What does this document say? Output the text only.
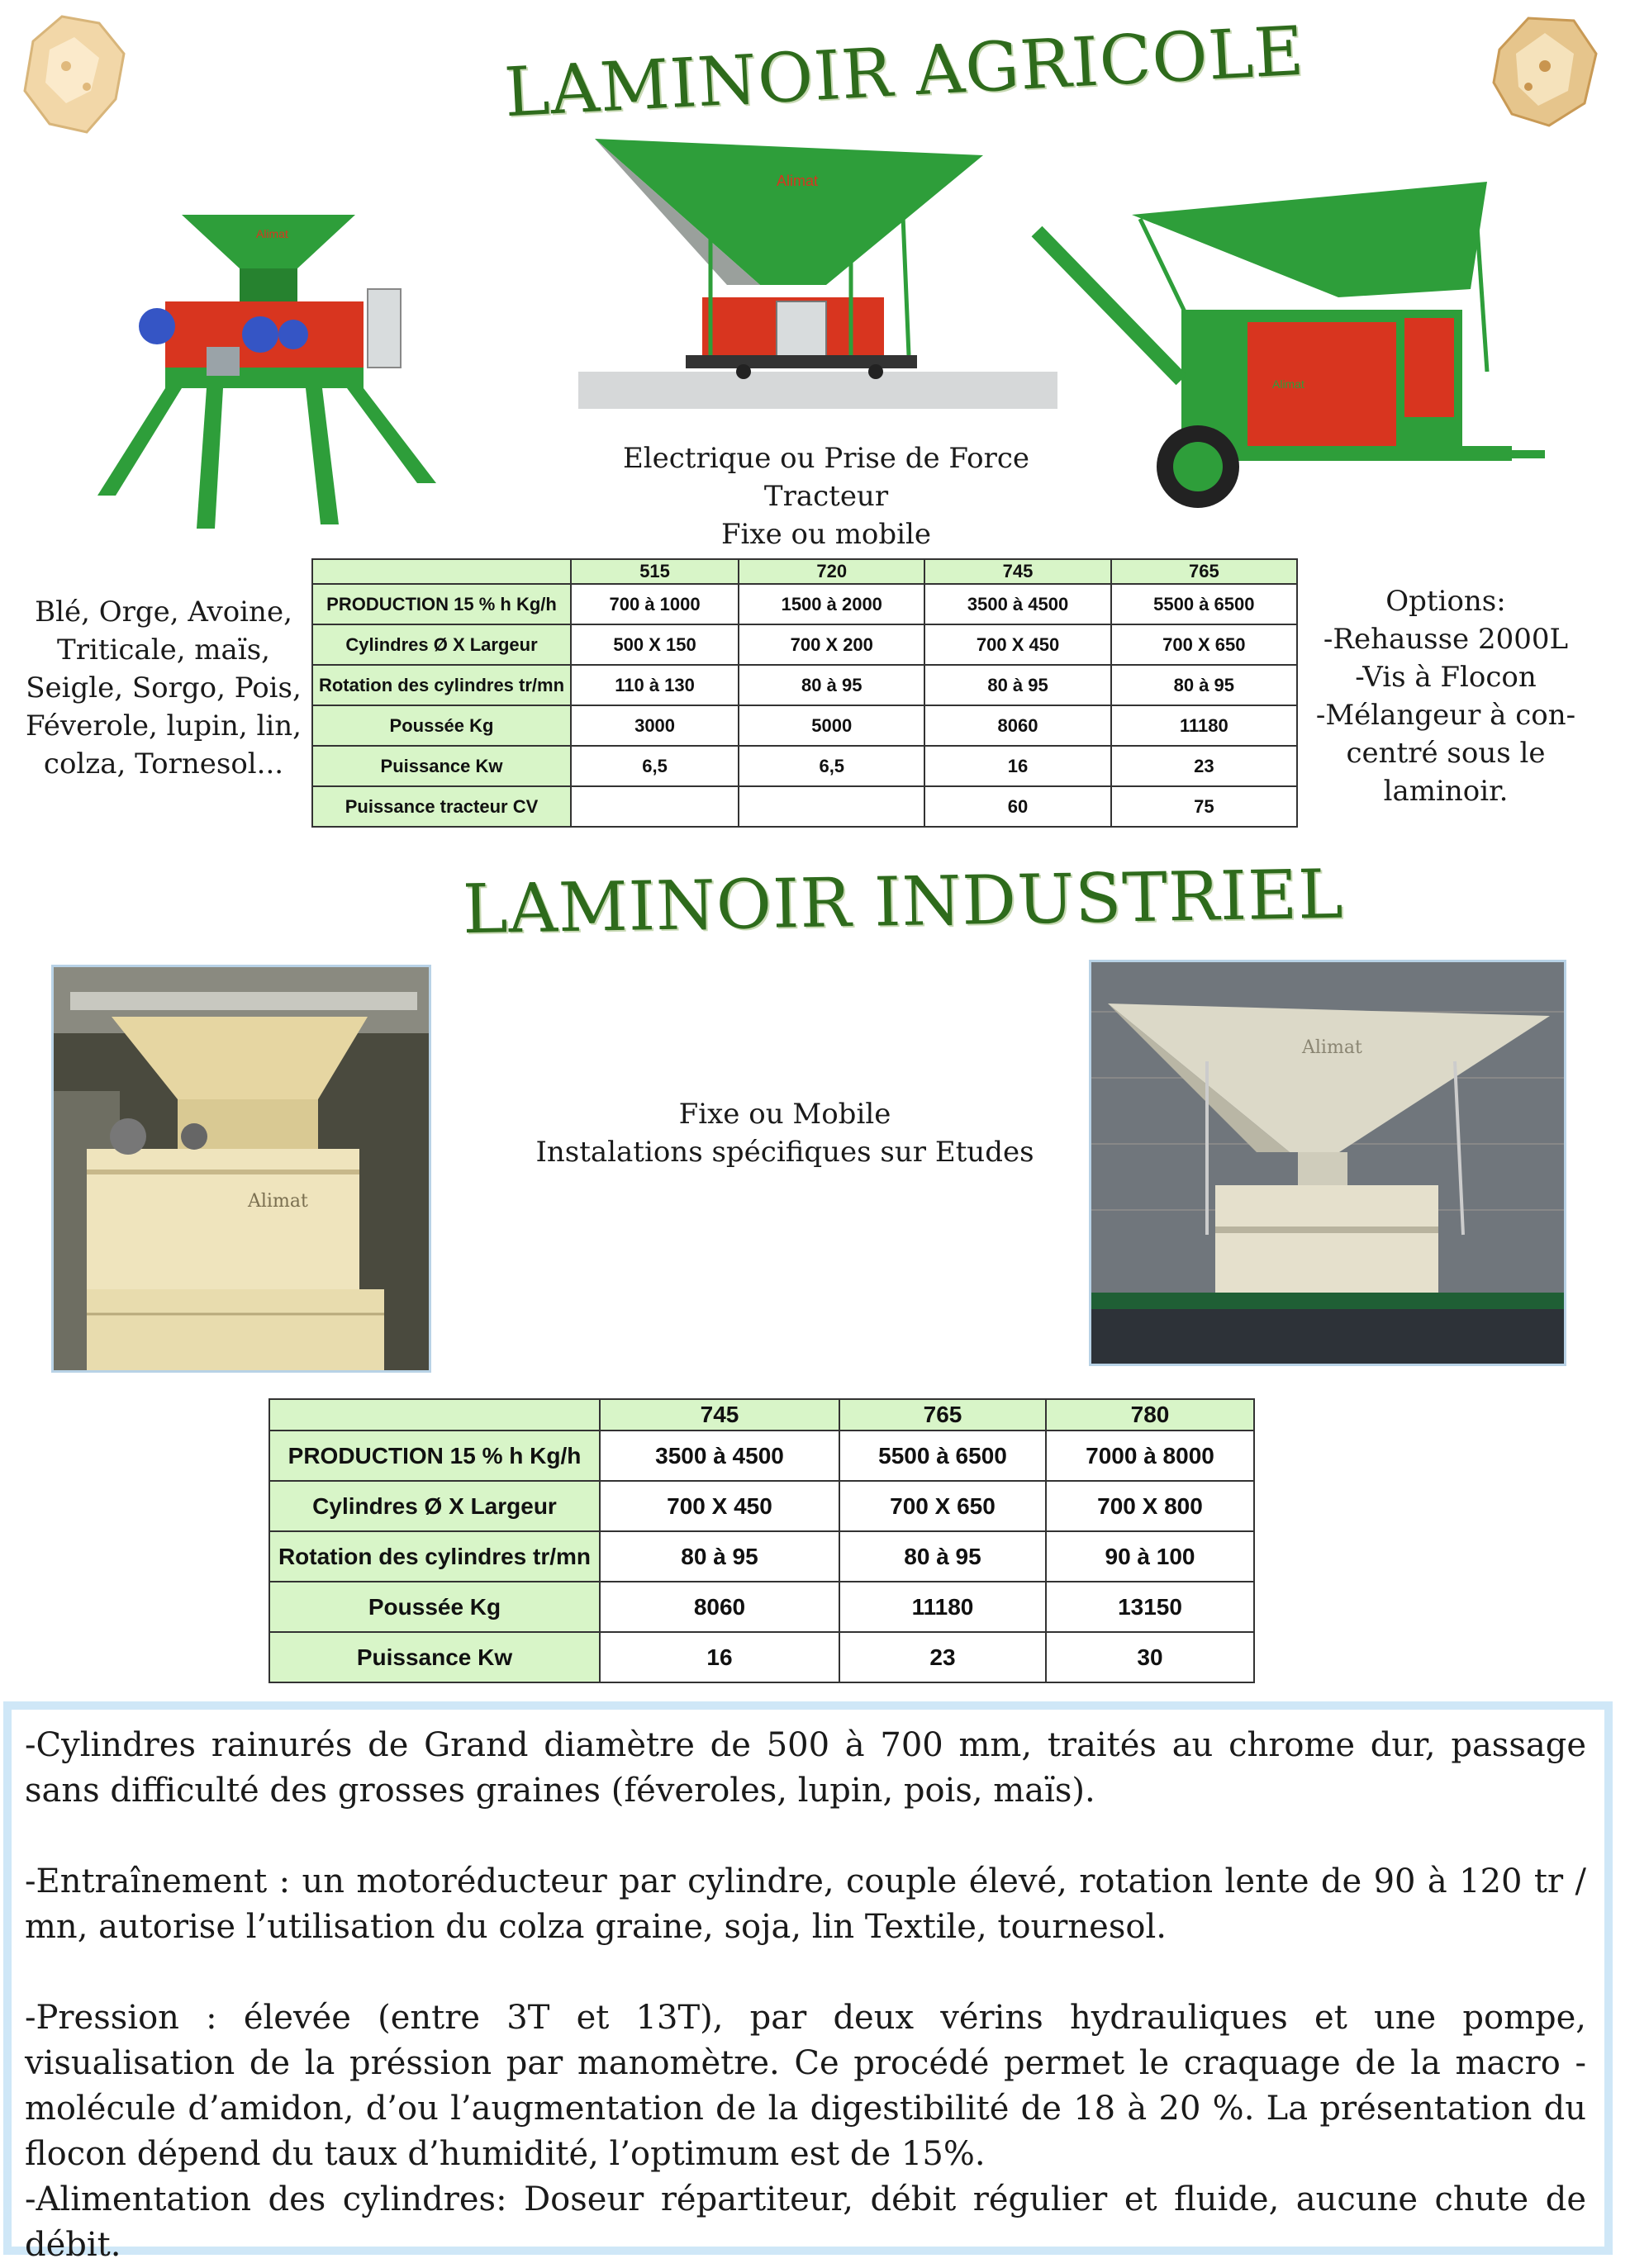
LAMINOIR AGRICOLE
LAMINOIR INDUSTRIEL
Alimat
Alimat
Alimat
Electrique ou Prise de Force Tracteur
Fixe ou mobile
Blé, Orge, Avoine,
Triticale, maïs,
Seigle, Sorgo, Pois,
Féverole, lupin, lin,
colza, Tornesol...
Options:
-Rehausse 2000L
-Vis à Flocon
-Mélangeur à con-
centré sous le
laminoir.
	515	720	745	765
PRODUCTION 15 % h Kg/h	700 à 1000	1500 à 2000	3500 à 4500	5500 à 6500
Cylindres Ø X Largeur	500 X 150	700 X 200	700 X 450	700 X 650
Rotation des cylindres tr/mn	110 à 130	80 à 95	80 à 95	80 à 95
Poussée Kg	3000	5000	8060	11180
Puissance Kw	6,5	6,5	16	23
Puissance tracteur CV			60	75
Alimat
Alimat
Fixe ou Mobile
Instalations spécifiques sur Etudes
	745	765	780
PRODUCTION 15 % h Kg/h	3500 à 4500	5500 à 6500	7000 à 8000
Cylindres Ø X Largeur	700 X 450	700 X 650	700 X 800
Rotation des cylindres tr/mn	80 à 95	80 à 95	90 à 100
Poussée Kg	8060	11180	13150
Puissance Kw	16	23	30

-Cylindres rainurés de Grand diamètre de 500 à 700 mm, traités au chrome dur, passage sans difficulté des grosses graines (féveroles, lupin, pois, maïs).

-Entraînement : un motoréducteur par cylindre, couple élevé, rotation lente de 90 à 120 tr / mn, autorise l’utilisation du colza graine, soja, lin Textile, tournesol.

-Pression : élevée (entre 3T et 13T), par deux vérins hydrauliques et une pompe, visualisation de la préssion par manomètre. Ce procédé permet le craquage de la macro - molécule d’amidon, d’ou l’augmentation de la digestibilité de 18 à 20 %. La présentation du flocon dépend du taux d’humidité, l’optimum est de 15%.

-Alimentation des cylindres: Doseur répartiteur, débit régulier et fluide, aucune chute de débit.
